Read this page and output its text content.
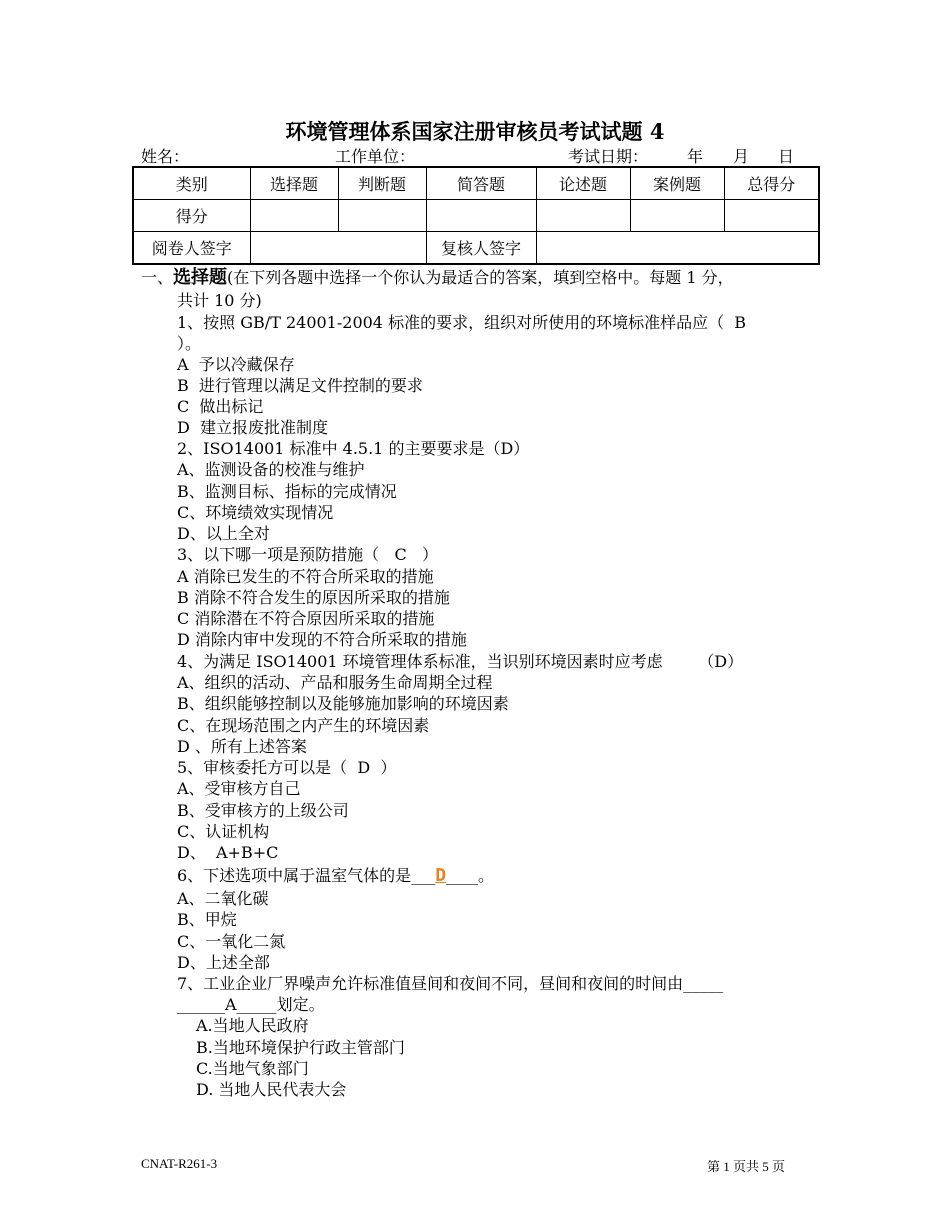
环境管理体系国家注册审核员考试试题 4
姓名：	工作单位：	考试日期： 年 月 日
类别	选择题	判断题	简答题	论述题	案例题	总得分
得分						
阅卷人签字			复核人签字			
一、选择题(在下列各题中选择一个你认为最适合的答案，填到空格中。每题 1 分，
共计 10 分)
1、按照 GB/T 24001-2004 标准的要求，组织对所使用的环境标准样品应（  B
）。
A  予以冷藏保存
B  进行管理以满足文件控制的要求
C  做出标记
D  建立报废批准制度
2、ISO14001 标准中 4.5.1 的主要要求是（D）
A、监测设备的校准与维护
B、监测目标、指标的完成情况
C、环境绩效实现情况
D、以上全对
3、以下哪一项是预防措施（   C   ）
A 消除已发生的不符合所采取的措施
B 消除不符合发生的原因所采取的措施
C 消除潜在不符合原因所采取的措施
D 消除内审中发现的不符合所采取的措施
4、为满足 ISO14001 环境管理体系标准，当识别环境因素时应考虑       （D）
A、组织的活动、产品和服务生命周期全过程
B、组织能够控制以及能够施加影响的环境因素
C、在现场范围之内产生的环境因素
D 、所有上述答案
5、审核委托方可以是（  D  ）
A、受审核方自己
B、受审核方的上级公司
C、认证机构
D、  A+B+C
6、下述选项中属于温室气体的是___D____。
A、二氧化碳
B、甲烷
C、一氧化二氮
D、上述全部
7、工业企业厂界噪声允许标准值昼间和夜间不同，昼间和夜间的时间由_____
______A_____划定。
A.当地人民政府
B.当地环境保护行政主管部门
C.当地气象部门
D. 当地人民代表大会
CNAT-R261-3	第 1 页共 5 页
